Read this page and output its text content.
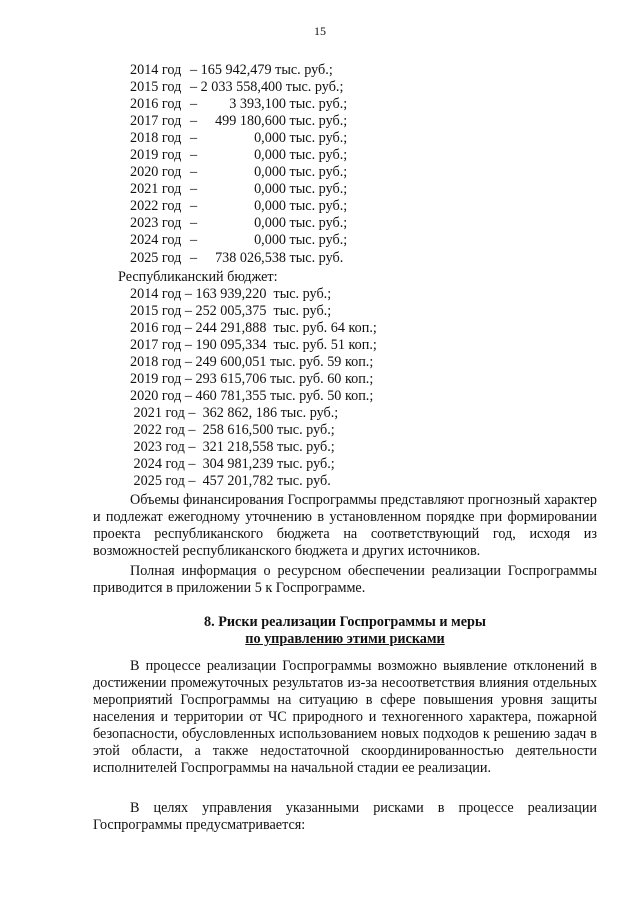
15
2014 год – 165 942,479 тыс. руб.;
2015 год – 2 033 558,400 тыс. руб.;
2016 год – 3 393,100 тыс. руб.;
2017 год – 499 180,600 тыс. руб.;
2018 год –	0,000 тыс. руб.;
2019 год –	0,000 тыс. руб.;
2020 год –	0,000 тыс. руб.;
2021 год –	0,000 тыс. руб.;
2022 год –	0,000 тыс. руб.;
2023 год –	0,000 тыс. руб.;
2024 год –	0,000 тыс. руб.;
2025 год – 738 026,538 тыс. руб.
Республиканский бюджет:
2014 год – 163 939,220  тыс. руб.;
2015 год – 252 005,375  тыс. руб.;
2016 год – 244 291,888  тыс. руб. 64 коп.;
2017 год – 190 095,334  тыс. руб. 51 коп.;
2018 год – 249 600,051 тыс. руб. 59 коп.;
2019 год – 293 615,706 тыс. руб. 60 коп.;
2020 год – 460 781,355 тыс. руб. 50 коп.;
2021 год –  362 862, 186 тыс. руб.;
2022 год –  258 616,500 тыс. руб.;
2023 год –  321 218,558 тыс. руб.;
2024 год –  304 981,239 тыс. руб.;
2025 год –  457 201,782 тыс. руб.
Объемы финансирования Госпрограммы представляют прогнозный характер и подлежат ежегодному уточнению в установленном порядке при формировании проекта республиканского бюджета на соответствующий год, исходя из возможностей республиканского бюджета и других источников.
Полная информация о ресурсном обеспечении реализации Госпрограммы приводится в приложении 5 к Госпрограмме.
8. Риски реализации Госпрограммы и меры
по управлению этими рисками
В процессе реализации Госпрограммы возможно выявление отклонений в достижении промежуточных результатов из-за несоответствия влияния отдельных мероприятий Госпрограммы на ситуацию в сфере повышения уровня защиты населения и территории от ЧС природного и техногенного характера, пожарной безопасности, обусловленных использованием новых подходов к решению задач в этой области, а также недостаточной скоординированностью деятельности исполнителей Госпрограммы на начальной стадии ее реализации.
В целях управления указанными рисками в процессе реализации Госпрограммы предусматривается:
